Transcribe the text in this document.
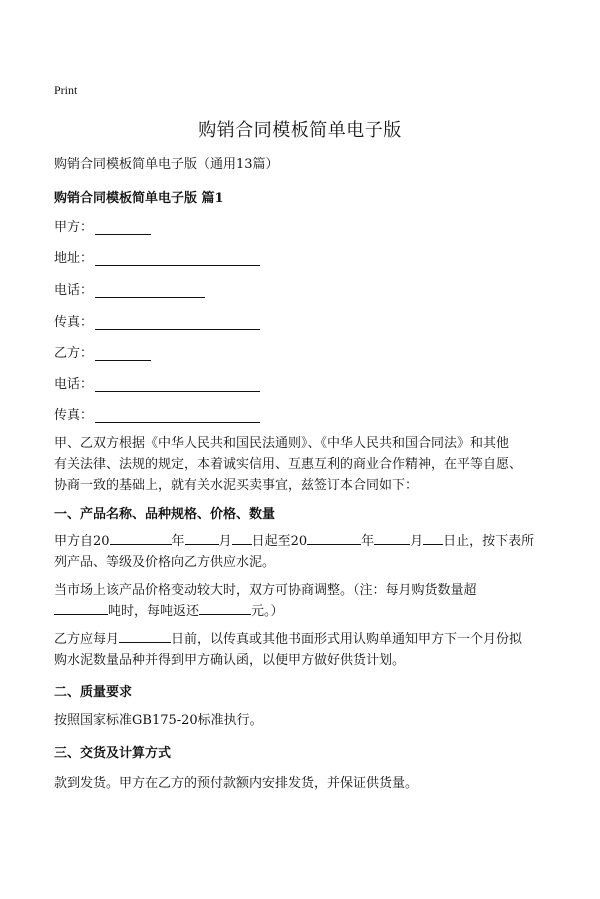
Print
购销合同模板简单电子版
购销合同模板简单电子版（通用13篇）
购销合同模板简单电子版 篇1
甲方：
地址：
电话：
传真：
乙方：
电话：
传真：
甲、乙双方根据《中华人民共和国民法通则》、《中华人民共和国合同法》和其他
有关法律、法规的规定，本着诚实信用、互惠互利的商业合作精神，在平等自愿、
协商一致的基础上，就有关水泥买卖事宜，兹签订本合同如下：
一、产品名称、品种规格、价格、数量
甲方自20	年	月 日起至20	年	月 日止，按下表所
列产品、等级及价格向乙方供应水泥。
当市场上该产品价格变动较大时，双方可协商调整。（注：每月购货数量超
吨时，每吨返还	元。）
乙方应每月	日前，以传真或其他书面形式用认购单通知甲方下一个月份拟
购水泥数量品种并得到甲方确认函，以便甲方做好供货计划。
二、质量要求
按照国家标准GB175-20标准执行。
三、交货及计算方式
款到发货。甲方在乙方的预付款额内安排发货，并保证供货量。
